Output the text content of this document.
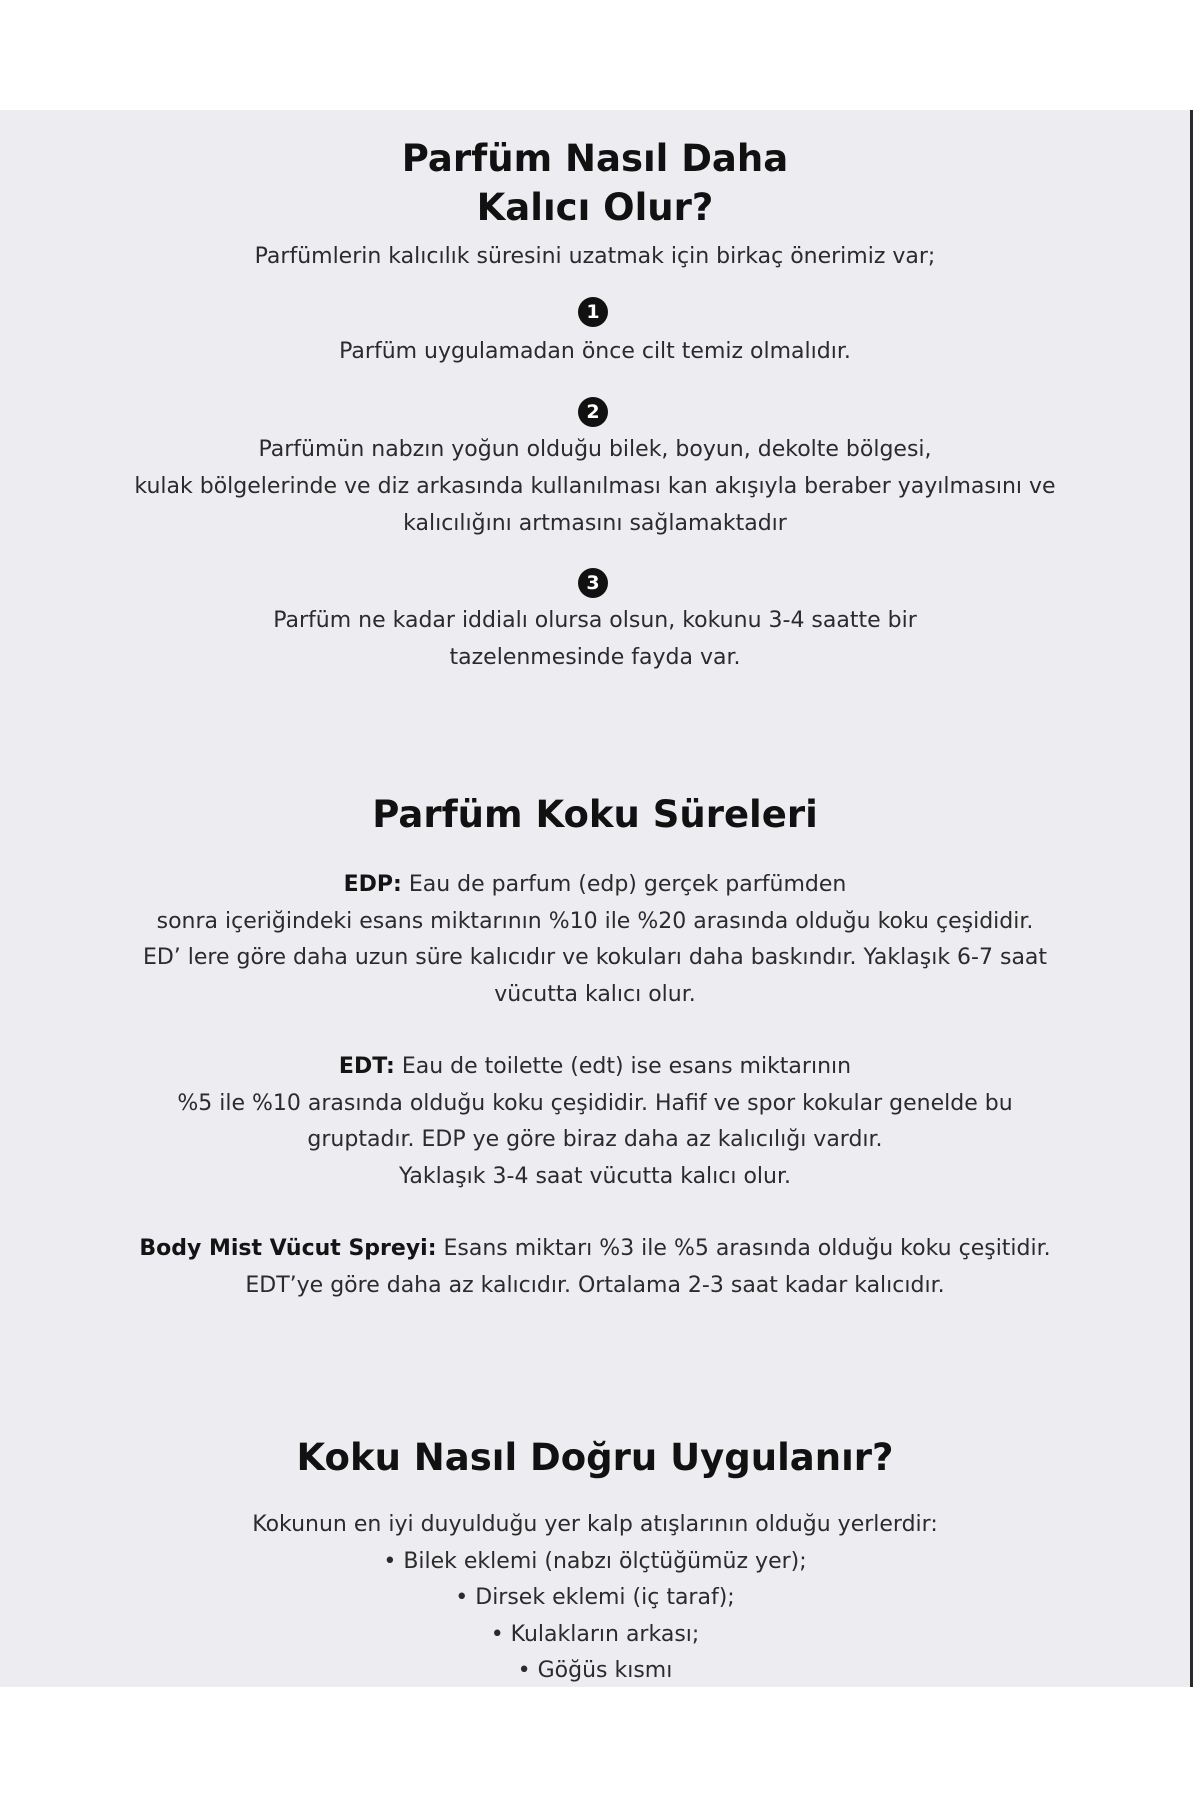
Parfüm Nasıl Daha
Kalıcı Olur?

Parfümlerin kalıcılık süresini uzatmak için birkaç önerimiz var;

1

Parfüm uygulamadan önce cilt temiz olmalıdır.

2

Parfümün nabzın yoğun olduğu bilek, boyun, dekolte bölgesi,

kulak bölgelerinde ve diz arkasında kullanılması kan akışıyla beraber yayılmasını ve

kalıcılığını artmasını sağlamaktadır

3

Parfüm ne kadar iddialı olursa olsun, kokunu 3-4 saatte bir

tazelenmesinde fayda var.

Parfüm Koku Süreleri

EDP: Eau de parfum (edp) gerçek parfümden

sonra içeriğindeki esans miktarının %10 ile %20 arasında olduğu koku çeşididir.

ED’ lere göre daha uzun süre kalıcıdır ve kokuları daha baskındır. Yaklaşık 6-7 saat

vücutta kalıcı olur.

EDT: Eau de toilette (edt) ise esans miktarının

%5 ile %10 arasında olduğu koku çeşididir. Hafif ve spor kokular genelde bu

gruptadır. EDP ye göre biraz daha az kalıcılığı vardır.

Yaklaşık 3-4 saat vücutta kalıcı olur.

Body Mist Vücut Spreyi: Esans miktarı %3 ile %5 arasında olduğu koku çeşitidir.

EDT’ye göre daha az kalıcıdır. Ortalama 2-3 saat kadar kalıcıdır.

Koku Nasıl Doğru Uygulanır?

Kokunun en iyi duyulduğu yer kalp atışlarının olduğu yerlerdir:

• Bilek eklemi (nabzı ölçtüğümüz yer);

• Dirsek eklemi (iç taraf);

• Kulakların arkası;

• Göğüs kısmı
